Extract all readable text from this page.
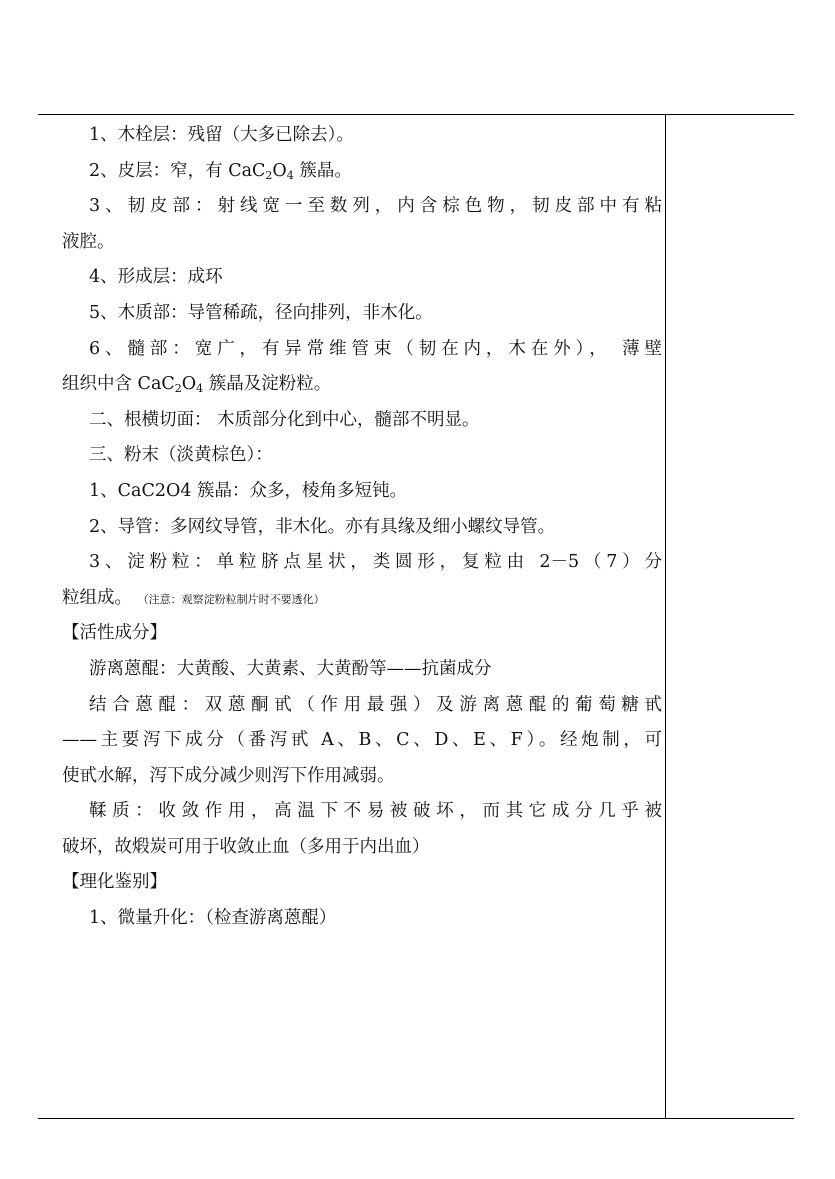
1、木栓层：残留（大多已除去）。
2、皮层：窄，有 $CaC_2O_4$ 簇晶。
3、韧皮部：射线宽一至数列，内含棕色物，韧皮部中有粘
液腔。
4、形成层：成环
5、木质部：导管稀疏，径向排列，非木化。
6、髓部：宽广，有异常维管束（韧在内，木在外）， 薄壁
组织中含 $CaC_2O_4$ 簇晶及淀粉粒。
二、根横切面： 木质部分化到中心，髓部不明显。
三、粉末（淡黄棕色）：
1、CaC2O4 簇晶：众多，棱角多短钝。
2、导管：多网纹导管，非木化。亦有具缘及细小螺纹导管。
3、淀粉粒：单粒脐点星状，类圆形，复粒由 2－5（7）分
粒组成。 （注意：观察淀粉粒制片时不要透化）
【活性成分】
游离蒽醌：大黄酸、大黄素、大黄酚等——抗菌成分
结合蒽醌：双蒽酮甙（作用最强）及游离蒽醌的葡萄糖甙
——主要泻下成分（番泻甙 A、B、C、D、E、F）。经炮制，可
使甙水解，泻下成分减少则泻下作用减弱。
鞣质：收敛作用，高温下不易被破坏，而其它成分几乎被
破坏，故煅炭可用于收敛止血（多用于内出血）
【理化鉴别】
1、微量升化：（检查游离蒽醌）
